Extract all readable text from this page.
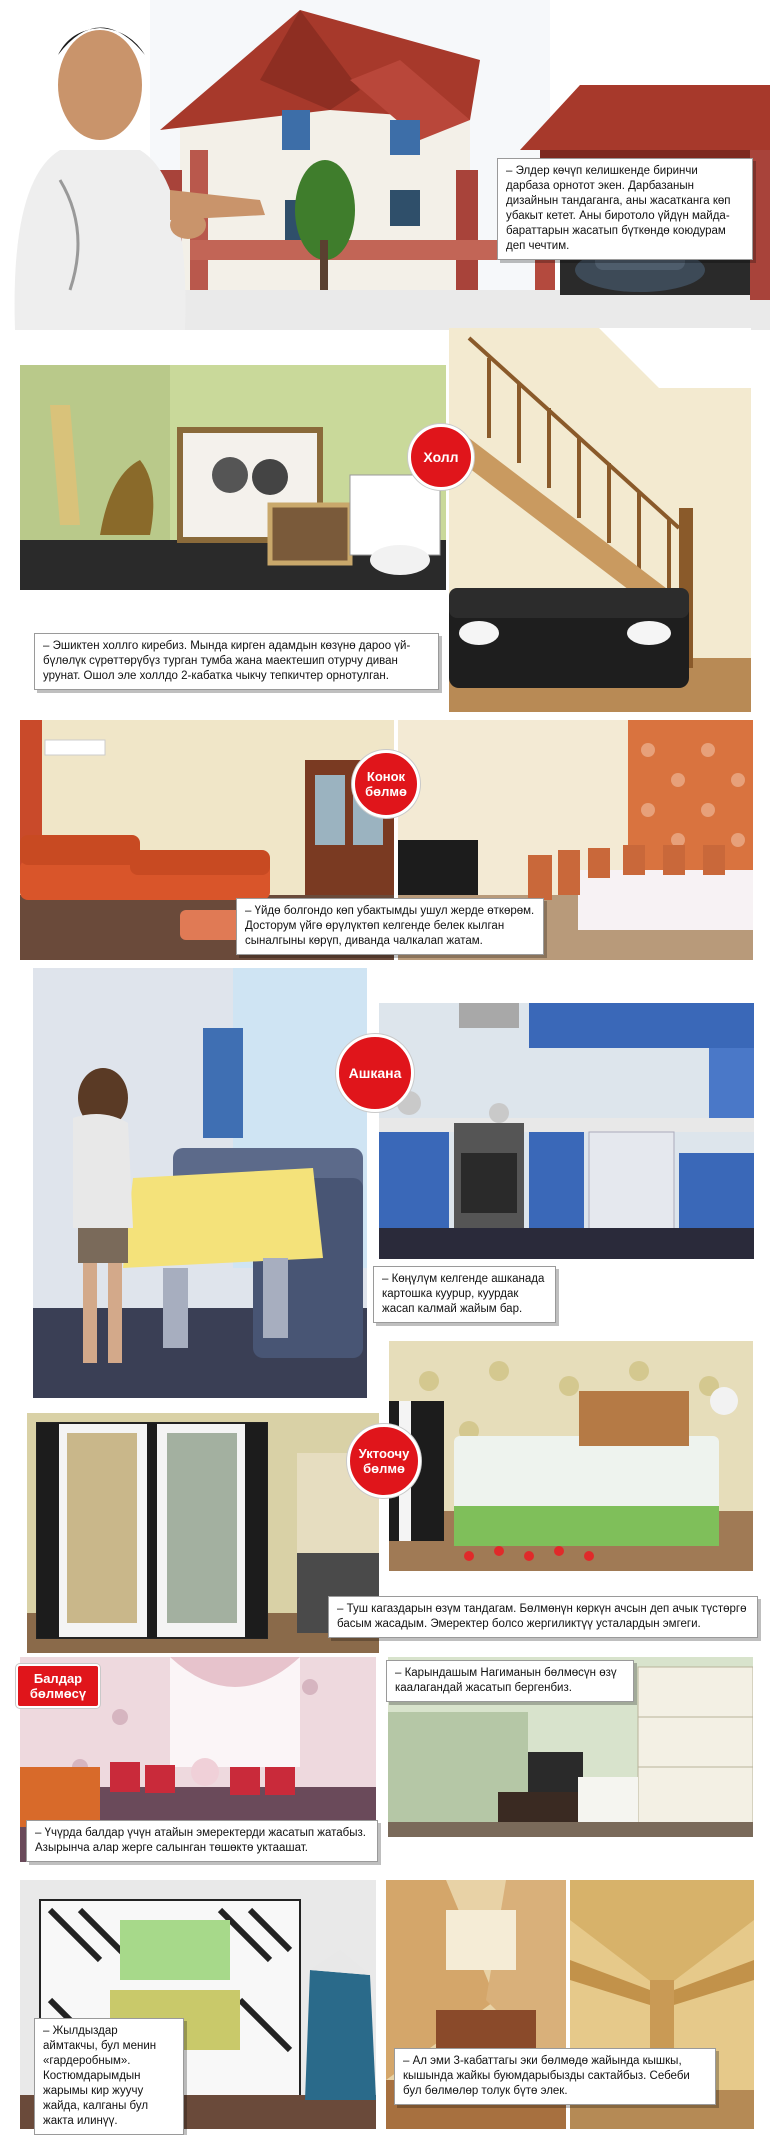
– Элдер көчүп келишкенде биринчи дарбаза орнотот экен. Дарбазанын дизайнын тандаганга, аны жасатканга көп убакыт кетет. Аны биротоло үйдүн майда-бараттарын жасатып бүткөндө коюдурам деп чечтим.
Холл
– Эшиктен холлго киребиз. Мында кирген адамдын көзүнө дароо үй-бүлөлүк сүрөттөрүбүз турган тумба жана маектешип отурчу диван урунат. Ошол эле холлдо 2-кабатка чыкчу тепкичтер орнотулган.
Конок
бөлмө
– Үйдө болгондо көп убактымды ушул жерде өткөрөм. Досторум үйгө өрүлүктөп келгенде белек кылган сыналгыны көрүп, диванда чалкалап жатам.
Ашкана
– Көңүлүм келгенде ашканада картошка куурup, куурдак жасап калмай жайым бар.
Уктоочу
бөлмө
– Туш кагаздарын өзүм тандагам. Бөлмөнүн көркүн ачсын деп ачык түстөргө басым жасадым. Эмеректер болсо жергиликтүү усталардын эмгеги.
Балдар
бөлмөсү
– Карындашым Нагиманын бөлмөсүн өзү каалагандай жасатып бергенбиз.
– Үчүрда балдар үчүн атайын эмеректерди жасатып жатабыз. Азырынча алар жерге салынган төшөктө уктаашат.
– Жылдыздар аймтакчы, бул менин «гардеробным». Костюмдарымдын жарымы кир жуучу жайда, калганы бул жакта илинүү.
– Ал эми 3-кабаттагы эки бөлмөдө жайында кышкы, кышында жайкы буюмдарыбызды сактайбыз. Себеби бул бөлмөлөр толук бүтө элек.
